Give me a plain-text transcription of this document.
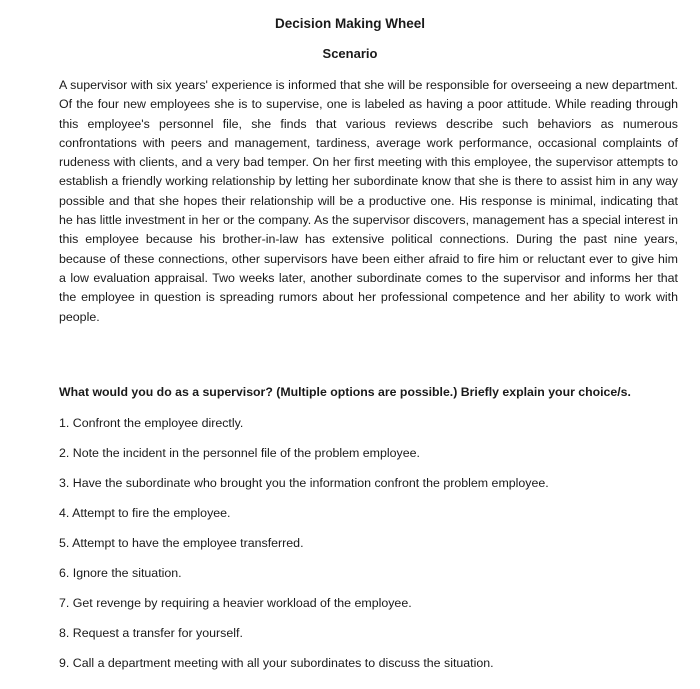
Decision Making Wheel
Scenario

A supervisor with six years' experience is informed that she will be responsible for overseeing a new department. Of the four new employees she is to supervise, one is labeled as having a poor attitude. While reading through this employee's personnel file, she finds that various reviews describe such behaviors as numerous confrontations with peers and management, tardiness, average work performance, occasional complaints of rudeness with clients, and a very bad temper. On her first meeting with this employee, the supervisor attempts to establish a friendly working relationship by letting her subordinate know that she is there to assist him in any way possible and that she hopes their relationship will be a productive one. His response is minimal, indicating that he has little investment in her or the company. As the supervisor discovers, management has a special interest in this employee because his brother-in-law has extensive political connections. During the past nine years, because of these connections, other supervisors have been either afraid to fire him or reluctant ever to give him a low evaluation appraisal. Two weeks later, another subordinate comes to the supervisor and informs her that the employee in question is spreading rumors about her professional competence and her ability to work with people.

What would you do as a supervisor? (Multiple options are possible.) Briefly explain your choice/s.
1. Confront the employee directly.
2. Note the incident in the personnel file of the problem employee.
3. Have the subordinate who brought you the information confront the problem employee.
4. Attempt to fire the employee.
5. Attempt to have the employee transferred.
6. Ignore the situation.
7. Get revenge by requiring a heavier workload of the employee.
8. Request a transfer for yourself.
9. Call a department meeting with all your subordinates to discuss the situation.
